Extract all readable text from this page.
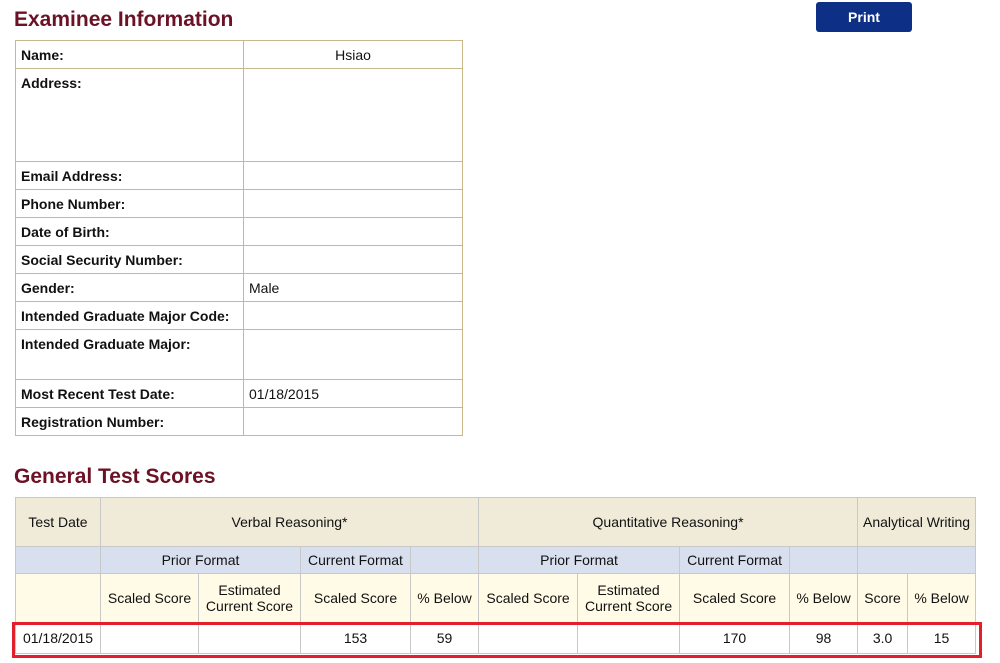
Examinee Information	Print
Name:	Hsiao
Address:	
Email Address:	
Phone Number:	
Date of Birth:	
Social Security Number:	
Gender:	Male
Intended Graduate Major Code:	
Intended Graduate Major:	
Most Recent Test Date:	01/18/2015
Registration Number:	
General Test Scores
Test Date	Verbal Reasoning*				Quantitative Reasoning*				Analytical Writing	
	Prior Format		Current Format		Prior Format		Current Format			
	Scaled Score	Estimated Current Score	Scaled Score	% Below	Scaled Score	Estimated Current Score	Scaled Score	% Below	Score	% Below
01/18/2015			153	59			170	98	3.0	15
